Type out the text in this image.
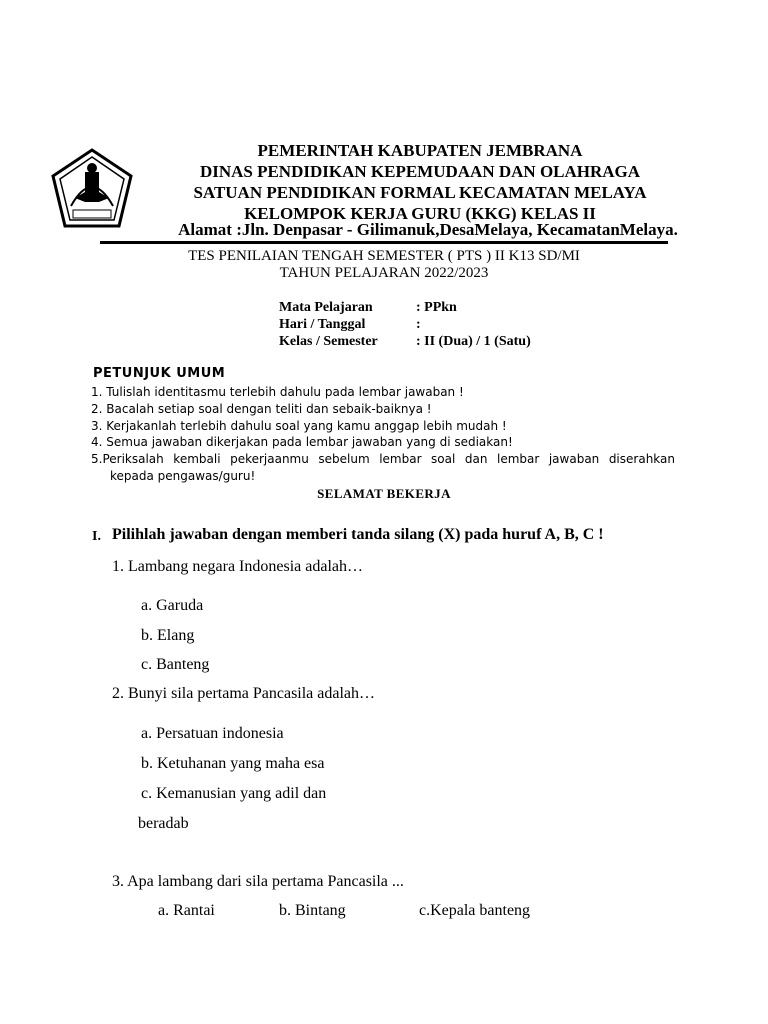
PEMERINTAH KABUPATEN JEMBRANA
DINAS PENDIDIKAN KEPEMUDAAN DAN OLAHRAGA
SATUAN PENDIDIKAN FORMAL KECAMATAN MELAYA
KELOMPOK KERJA GURU (KKG) KELAS II
Alamat :Jln. Denpasar - Gilimanuk,DesaMelaya, KecamatanMelaya.
TES PENILAIAN TENGAH SEMESTER ( PTS ) II K13 SD/MI
TAHUN PELAJARAN 2022/2023
Mata Pelajaran	: PPkn
Hari / Tanggal	:
Kelas / Semester	: II (Dua) / 1 (Satu)
PETUNJUK UMUM
1. Tulislah identitasmu terlebih dahulu pada lembar jawaban !
2. Bacalah setiap soal dengan teliti dan sebaik-baiknya !
3. Kerjakanlah terlebih dahulu soal yang kamu anggap lebih mudah !
4. Semua jawaban dikerjakan pada lembar jawaban yang di sediakan!
5.Periksalah kembali pekerjaanmu sebelum lembar soal dan lembar jawaban diserahkan
kepada pengawas/guru!
SELAMAT BEKERJA
I. Pilihlah jawaban dengan memberi tanda silang (X) pada huruf A, B, C !
1. Lambang negara Indonesia adalah…
a. Garuda
b. Elang
c. Banteng
2. Bunyi sila pertama Pancasila adalah…
a. Persatuan indonesia
b. Ketuhanan yang maha esa
c. Kemanusian yang adil dan
beradab
3. Apa lambang dari sila pertama Pancasila ...
a. Rantai	b. Bintang	c.Kepala banteng
